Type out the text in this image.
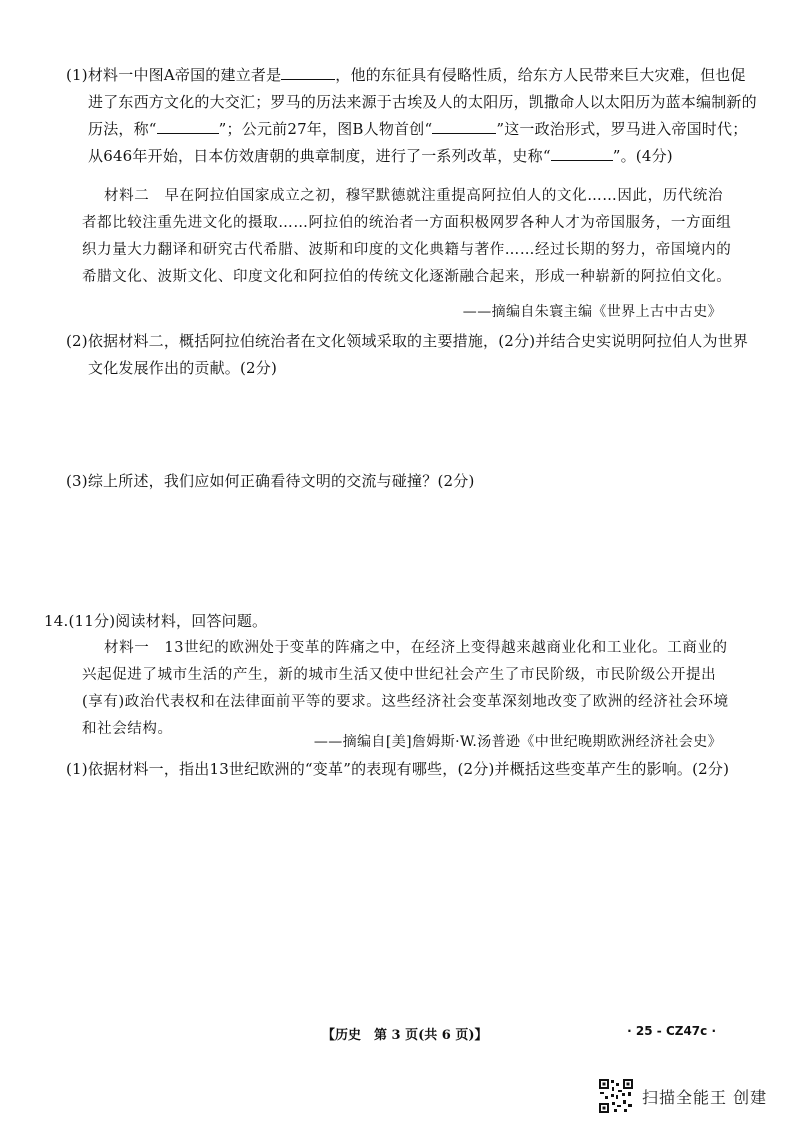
(1)材料一中图A帝国的建立者是	，他的东征具有侵略性质，给东方人民带来巨大灾难，但也促进了东西方文化的大交汇；罗马的历法来源于古埃及人的太阳历，凯撒命人以太阳历为蓝本编制新的历法，称“	”；公元前27年，图B人物首创“	”这一政治形式，罗马进入帝国时代；从646年开始，日本仿效唐朝的典章制度，进行了一系列改革，史称“	”。(4分)
材料二　早在阿拉伯国家成立之初，穆罕默德就注重提高阿拉伯人的文化……因此，历代统治者都比较注重先进文化的摄取……阿拉伯的统治者一方面积极网罗各种人才为帝国服务，一方面组织力量大力翻译和研究古代希腊、波斯和印度的文化典籍与著作……经过长期的努力，帝国境内的希腊文化、波斯文化、印度文化和阿拉伯的传统文化逐渐融合起来，形成一种崭新的阿拉伯文化。
——摘编自朱寰主编《世界上古中古史》
(2)依据材料二，概括阿拉伯统治者在文化领域采取的主要措施，(2分)并结合史实说明阿拉伯人为世界文化发展作出的贡献。(2分)
(3)综上所述，我们应如何正确看待文明的交流与碰撞？(2分)
14.(11分)阅读材料，回答问题。
材料一　13世纪的欧洲处于变革的阵痛之中，在经济上变得越来越商业化和工业化。工商业的兴起促进了城市生活的产生，新的城市生活又使中世纪社会产生了市民阶级，市民阶级公开提出(享有)政治代表权和在法律面前平等的要求。这些经济社会变革深刻地改变了欧洲的经济社会环境和社会结构。
——摘编自[美]詹姆斯·W.汤普逊《中世纪晚期欧洲经济社会史》
(1)依据材料一，指出13世纪欧洲的“变革”的表现有哪些，(2分)并概括这些变革产生的影响。(2分)
【历史　第 3 页(共 6 页)】	· 25 - CZ47c ·
扫描全能王 创建
